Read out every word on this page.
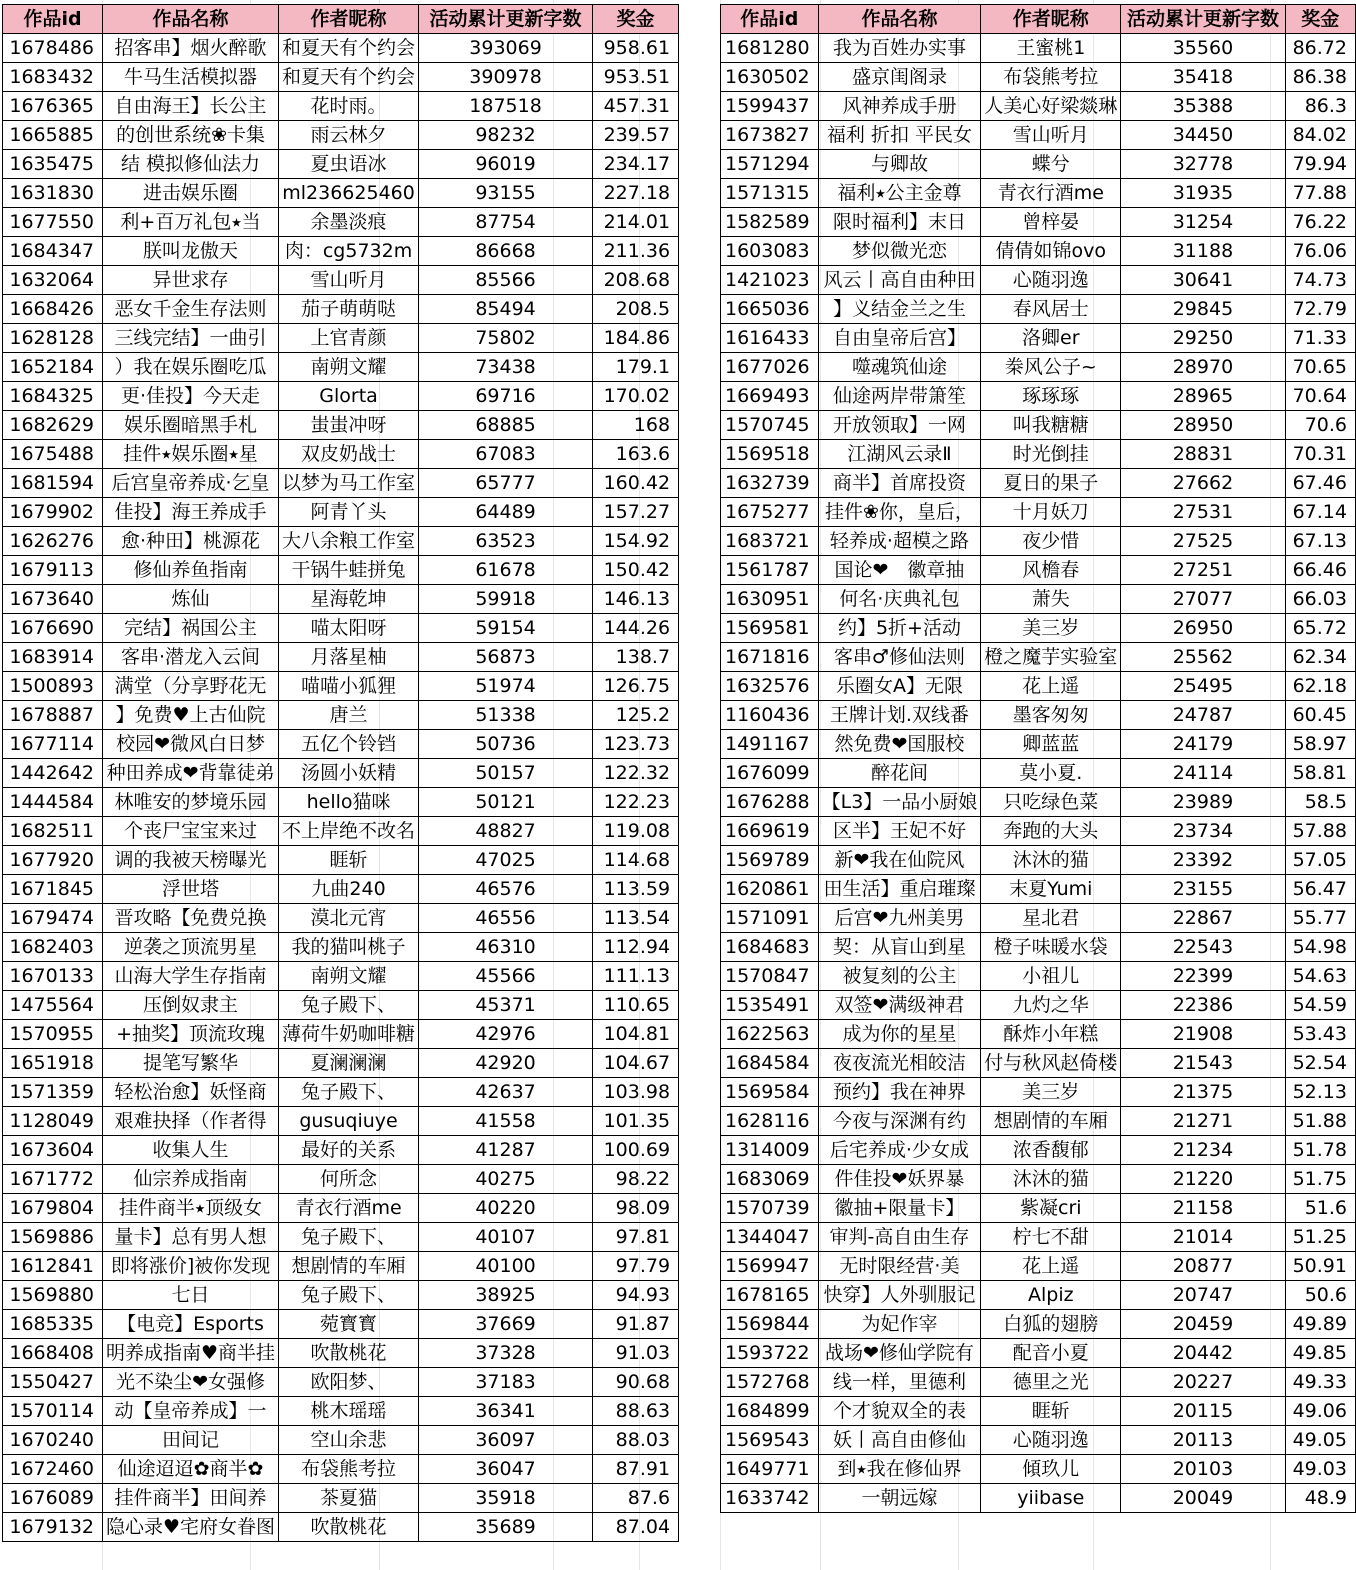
作品id	作品名称	作者昵称	活动累计更新字数	奖金
1678486	招客串】烟火醉歌	和夏天有个约会	393069	958.61
1683432	牛马生活模拟器	和夏天有个约会	390978	953.51
1676365	自由海王】长公主	花时雨。	187518	457.31
1665885	的创世系统❀卡集	雨云林夕	98232	239.57
1635475	结 模拟修仙法力	夏虫语冰	96019	234.17
1631830	进击娱乐圈	ml236625460	93155	227.18
1677550	利+百万礼包⭑当	余墨淡痕	87754	214.01
1684347	朕叫龙傲天	肉：cg5732m	86668	211.36
1632064	异世求存	雪山听月	85566	208.68
1668426	恶女千金生存法则	茄子萌萌哒	85494	208.5
1628128	三线完结】一曲引	上官青颜	75802	184.86
1652184	）我在娱乐圈吃瓜	南朔文耀	73438	179.1
1684325	更·佳投】今天走	Glorta	69716	170.02
1682629	娱乐圈暗黑手札	蚩蚩冲呀	68885	168
1675488	挂件⭑娱乐圈⭑星	双皮奶战士	67083	163.6
1681594	后宫皇帝养成·乞皇	以梦为马工作室	65777	160.42
1679902	佳投】海王养成手	阿青丫头	64489	157.27
1626276	愈·种田】桃源花	大八余粮工作室	63523	154.92
1679113	修仙养鱼指南	干锅牛蛙拼兔	61678	150.42
1673640	炼仙	星海乾坤	59918	146.13
1676690	完结】祸国公主	喵太阳呀	59154	144.26
1683914	客串·潜龙入云间	月落星柚	56873	138.7
1500893	满堂（分享野花无	喵喵小狐狸	51974	126.75
1678887	】免费♥上古仙院	唐兰	51338	125.2
1677114	校园❤微风白日梦	五亿个铃铛	50736	123.73
1442642	种田养成❤背靠徒弟	汤圆小妖精	50157	122.32
1444584	林唯安的梦境乐园	hello猫咪	50121	122.23
1682511	个丧尸宝宝来过	不上岸绝不改名	48827	119.08
1677920	调的我被天榜曝光	睚斩	47025	114.68
1671845	浮世塔	九曲240	46576	113.59
1679474	晋攻略【免费兑换	漠北元宵	46556	113.54
1682403	逆袭之顶流男星	我的猫叫桃子	46310	112.94
1670133	山海大学生存指南	南朔文耀	45566	111.13
1475564	压倒奴隶主	兔子殿下、	45371	110.65
1570955	+抽奖】顶流玫瑰	薄荷牛奶咖啡糖	42976	104.81
1651918	提笔写繁华	夏澜澜澜	42920	104.67
1571359	轻松治愈】妖怪商	兔子殿下、	42637	103.98
1128049	艰难抉择（作者得	gusuqiuye	41558	101.35
1673604	收集人生	最好的关系	41287	100.69
1671772	仙宗养成指南	何所念	40275	98.22
1679804	挂件商半⭑顶级女	青衣行酒me	40220	98.09
1569886	量卡】总有男人想	兔子殿下、	40107	97.81
1612841	即将涨价]被你发现	想剧情的车厢	40100	97.79
1569880	七日	兔子殿下、	38925	94.93
1685335	【电竞】Esports	菀寳寳	37669	91.87
1668408	明养成指南♥商半挂	吹散桃花	37328	91.03
1550427	光不染尘❤女强修	欧阳梦、	37183	90.68
1570114	动【皇帝养成】一	桃木瑶瑶	36341	88.63
1670240	田间记	空山余悲	36097	88.03
1672460	仙途迢迢✿商半✿	布袋熊考拉	36047	87.91
1676089	挂件商半】田间养	茶夏猫	35918	87.6
1679132	隐心录♥宅府女眷图	吹散桃花	35689	87.04
作品id	作品名称	作者昵称	活动累计更新字数	奖金
1681280	我为百姓办实事	王蜜桃1	35560	86.72
1630502	盛京闺阁录	布袋熊考拉	35418	86.38
1599437	风神养成手册	人美心好梁燚琳	35388	86.3
1673827	福利 折扣 平民女	雪山听月	34450	84.02
1571294	与卿故	蝶兮	32778	79.94
1571315	福利⭑公主金尊	青衣行酒me	31935	77.88
1582589	限时福利】末日	曾梓晏	31254	76.22
1603083	梦似微光恋	倩倩如锦ovo	31188	76.06
1421023	风云丨高自由种田	心随羽逸	30641	74.73
1665036	】义结金兰之生	春风居士	29845	72.79
1616433	自由皇帝后宫】	洛卿er	29250	71.33
1677026	噬魂筑仙途	桊风公子~	28970	70.65
1669493	仙途两岸带箫笙	琢琢琢	28965	70.64
1570745	开放领取】一网	叫我糖糖	28950	70.6
1569518	江湖风云录Ⅱ	时光倒挂	28831	70.31
1632739	商半】首席投资	夏日的果子	27662	67.46
1675277	挂件❀你，皇后，	十月妖刀	27531	67.14
1683721	轻养成·超模之路	夜少惜	27525	67.13
1561787	国论❤　徽章抽	风檐春	27251	66.46
1630951	何名·庆典礼包	萧失	27077	66.03
1569581	约】5折+活动	美三岁	26950	65.72
1671816	客串♂修仙法则	橙之魔芋实验室	25562	62.34
1632576	乐圈女A】无限	花上遥	25495	62.18
1160436	王牌计划.双线番	墨客匆匆	24787	60.45
1491167	然免费❤国服校	卿蓝蓝	24179	58.97
1676099	醉花间	莫小夏.	24114	58.81
1676288	【L3】一品小厨娘	只吃绿色菜	23989	58.5
1669619	区半】王妃不好	奔跑的大头	23734	57.88
1569789	新❤我在仙院风	沐沐的猫	23392	57.05
1620861	田生活】重启璀璨	末夏Yumi	23155	56.47
1571091	后宫❤九州美男	星北君	22867	55.77
1684683	契：从盲山到星	橙子味暖水袋	22543	54.98
1570847	被复刻的公主	小祖儿	22399	54.63
1535491	双签❤满级神君	九灼之华	22386	54.59
1622563	成为你的星星	酥炸小年糕	21908	53.43
1684584	夜夜流光相皎洁	付与秋风赵倚楼	21543	52.54
1569584	预约】我在神界	美三岁	21375	52.13
1628116	今夜与深渊有约	想剧情的车厢	21271	51.88
1314009	后宅养成·少女成	浓香馥郁	21234	51.78
1683069	件佳投❤妖界暴	沐沐的猫	21220	51.75
1570739	徽抽+限量卡】	紫凝cri	21158	51.6
1344047	审判-高自由生存	柠七不甜	21014	51.25
1569947	无时限经营·美	花上遥	20877	50.91
1678165	快穿】人外驯服记	Alpiz	20747	50.6
1569844	为妃作宰	白狐的翅膀	20459	49.89
1593722	战场❤修仙学院有	配音小夏	20442	49.85
1572768	线一样，里德利	德里之光	20227	49.33
1684899	个才貌双全的表	睚斩	20115	49.06
1569543	妖丨高自由修仙	心随羽逸	20113	49.05
1649771	到⭑我在修仙界	傾玖儿	20103	49.03
1633742	一朝远嫁	yiibase	20049	48.9
